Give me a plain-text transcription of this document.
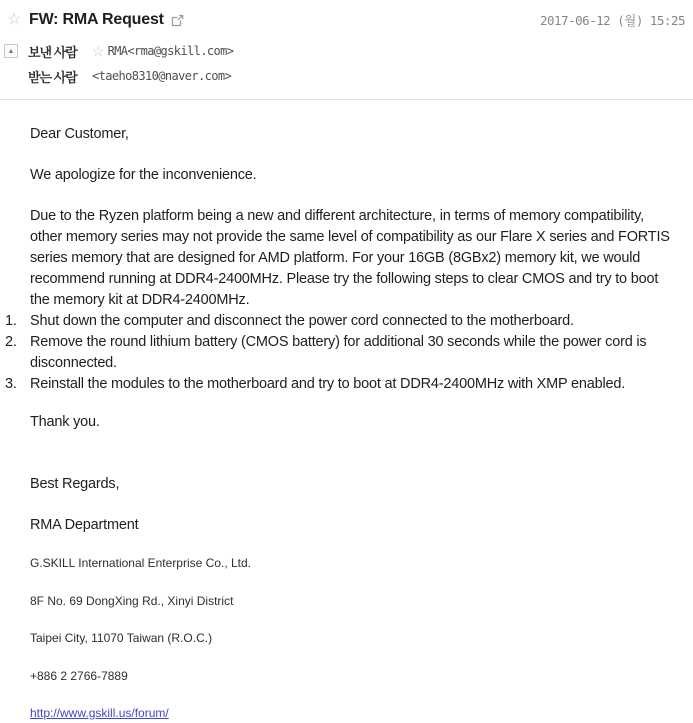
☆ FW: RMA Request	2017-06-12 (월) 15:25
▲ 보낸 사람	☆ RMA<rma@gskill.com>
받는 사람	<taeho8310@naver.com>

Dear Customer,

We apologize for the inconvenience.

Due to the Ryzen platform being a new and different architecture, in terms of memory compatibility, other memory series may not provide the same level of compatibility as our Flare X series and FORTIS series memory that are designed for AMD platform. For your 16GB (8GBx2) memory kit, we would recommend running at DDR4-2400MHz. Please try the following steps to clear CMOS and try to boot the memory kit at DDR4-2400MHz.

1. Shut down the computer and disconnect the power cord connected to the motherboard.
2. Remove the round lithium battery (CMOS battery) for additional 30 seconds while the power cord is disconnected.
3. Reinstall the modules to the motherboard and try to boot at DDR4-2400MHz with XMP enabled.

Thank you.

Best Regards,

RMA Department

G.SKILL International Enterprise Co., Ltd.

8F No. 69 DongXing Rd., Xinyi District

Taipei City, 11070 Taiwan (R.O.C.)

+886 2 2766-7889

http://www.gskill.us/forum/
